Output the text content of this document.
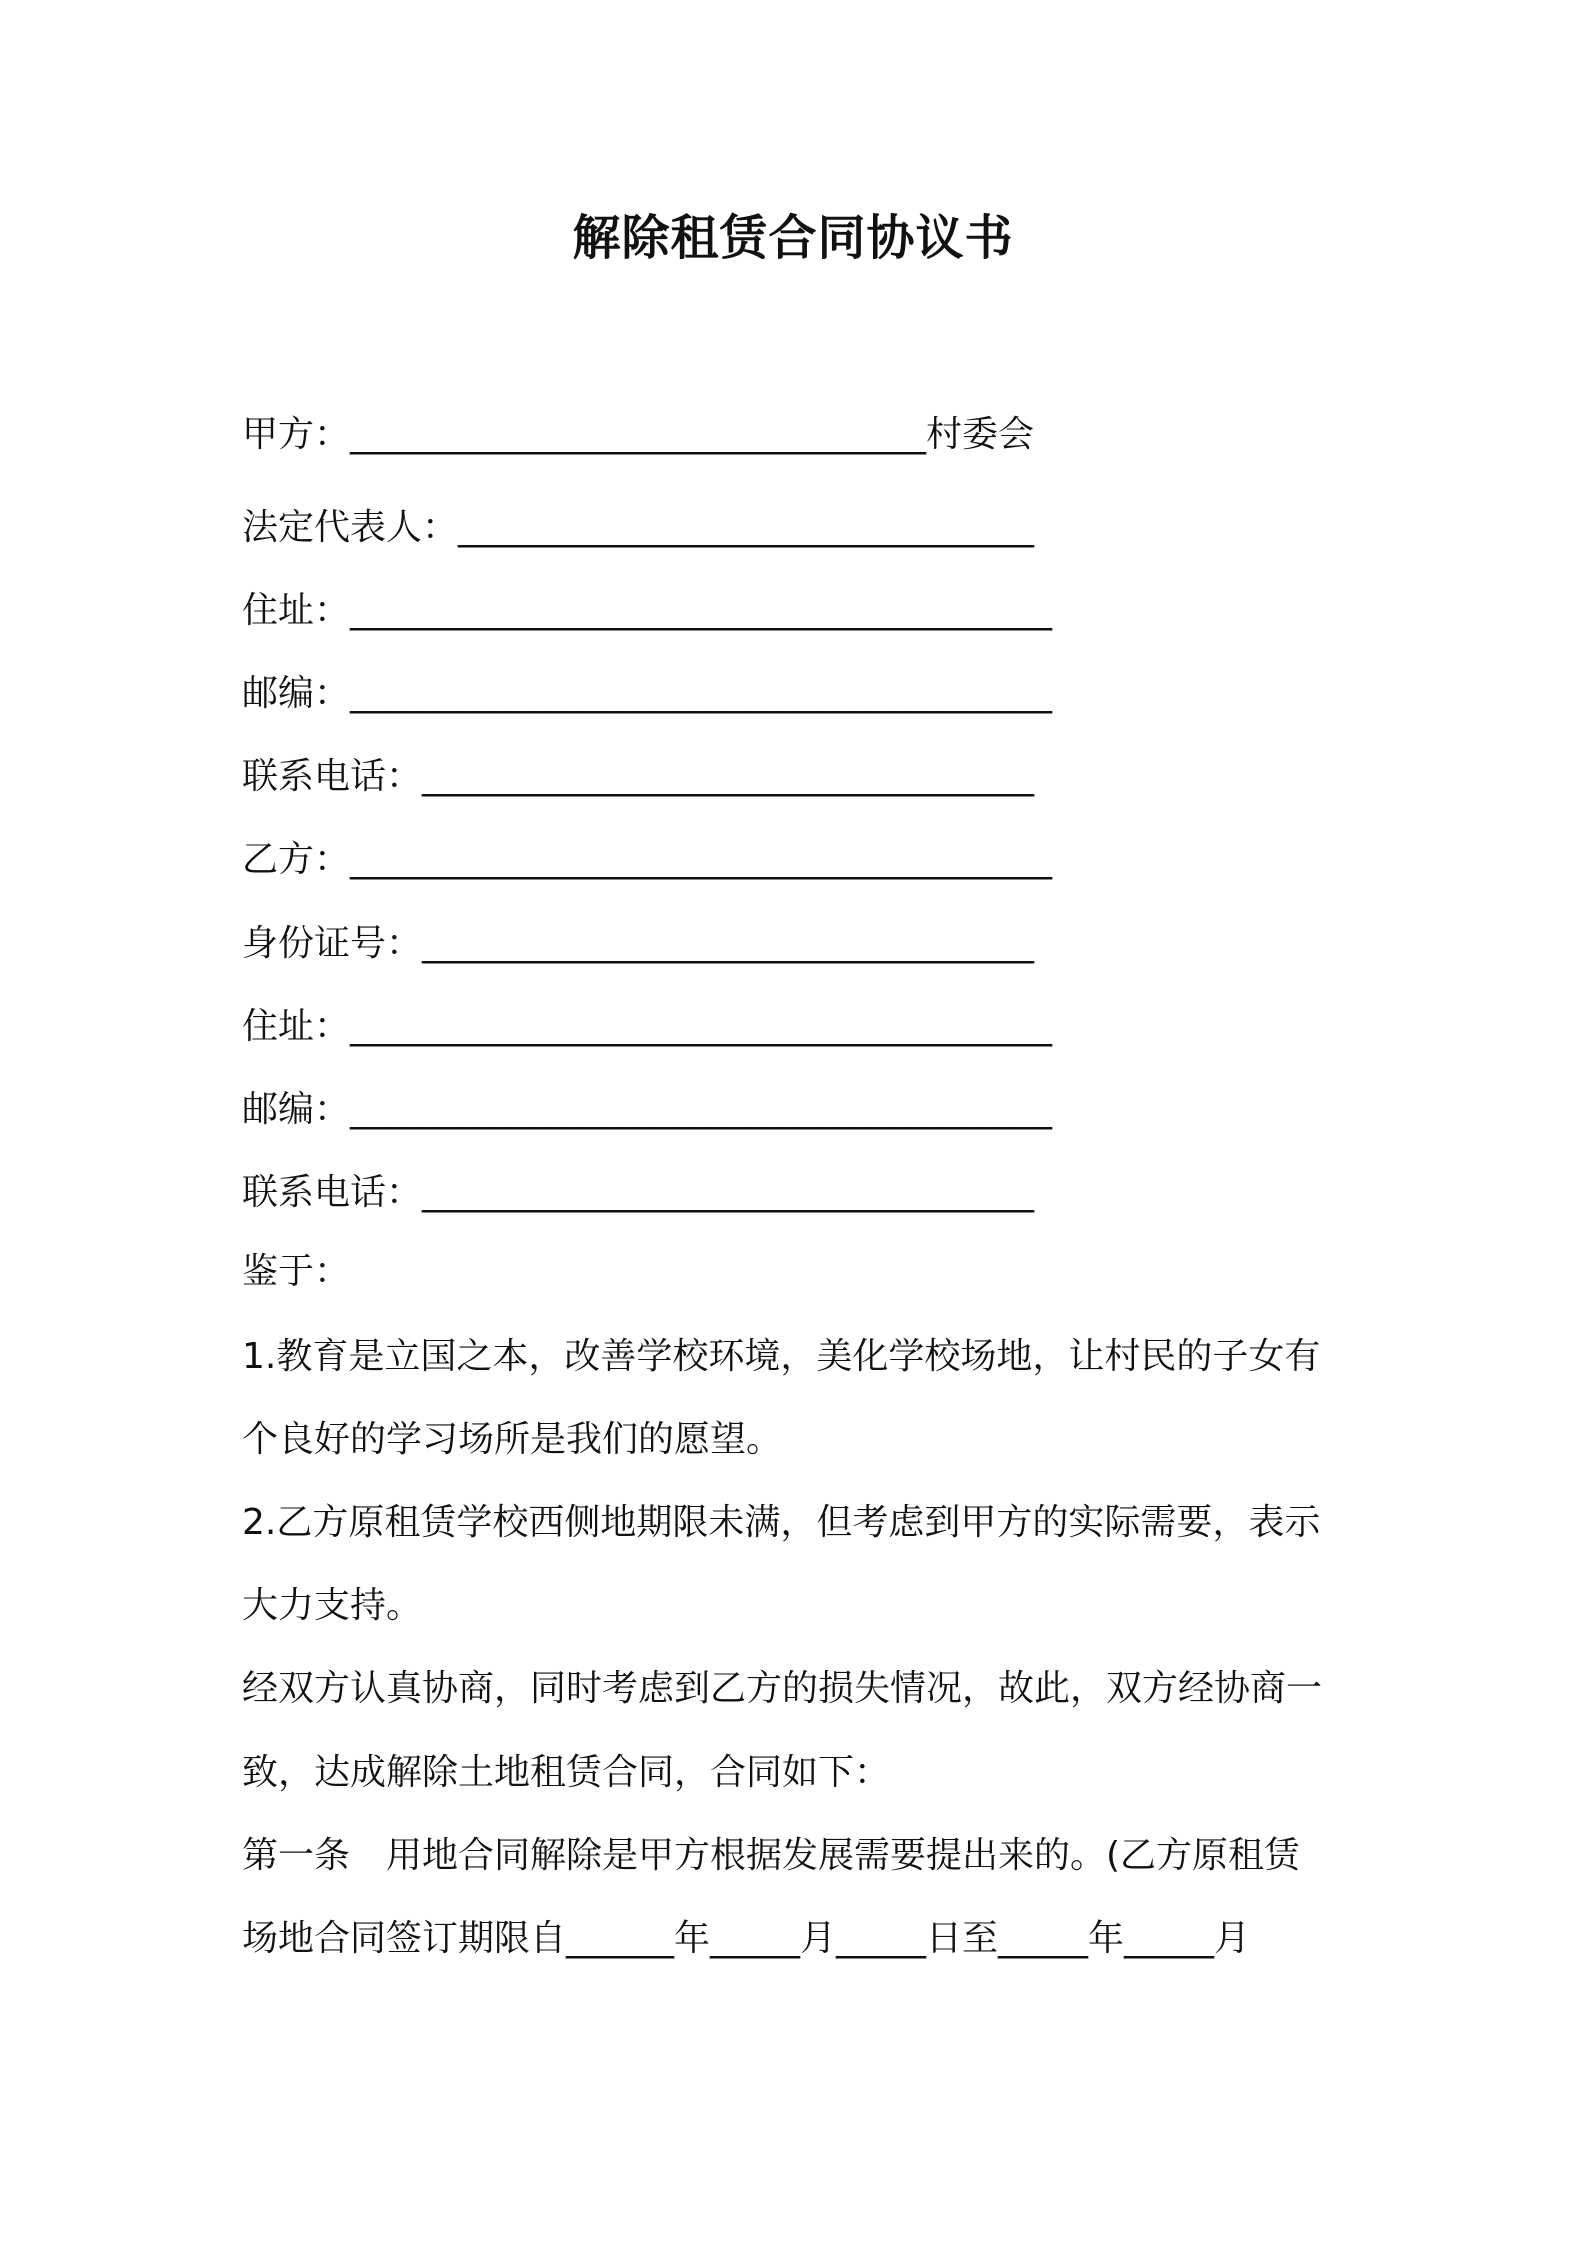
解除租赁合同协议书

甲方：________________________________村委会

法定代表人：________________________________

住址：_______________________________________

邮编：_______________________________________

联系电话：__________________________________

乙方：_______________________________________

身份证号：__________________________________

住址：_______________________________________

邮编：_______________________________________

联系电话：__________________________________

鉴于：

1.教育是立国之本，改善学校环境，美化学校场地，让村民的子女有

个良好的学习场所是我们的愿望。

2.乙方原租赁学校西侧地期限未满，但考虑到甲方的实际需要，表示

大力支持。

经双方认真协商，同时考虑到乙方的损失情况，故此，双方经协商一

致，达成解除土地租赁合同，合同如下：

第一条　用地合同解除是甲方根据发展需要提出来的。(乙方原租赁

场地合同签订期限自______年_____月_____日至_____年_____月
